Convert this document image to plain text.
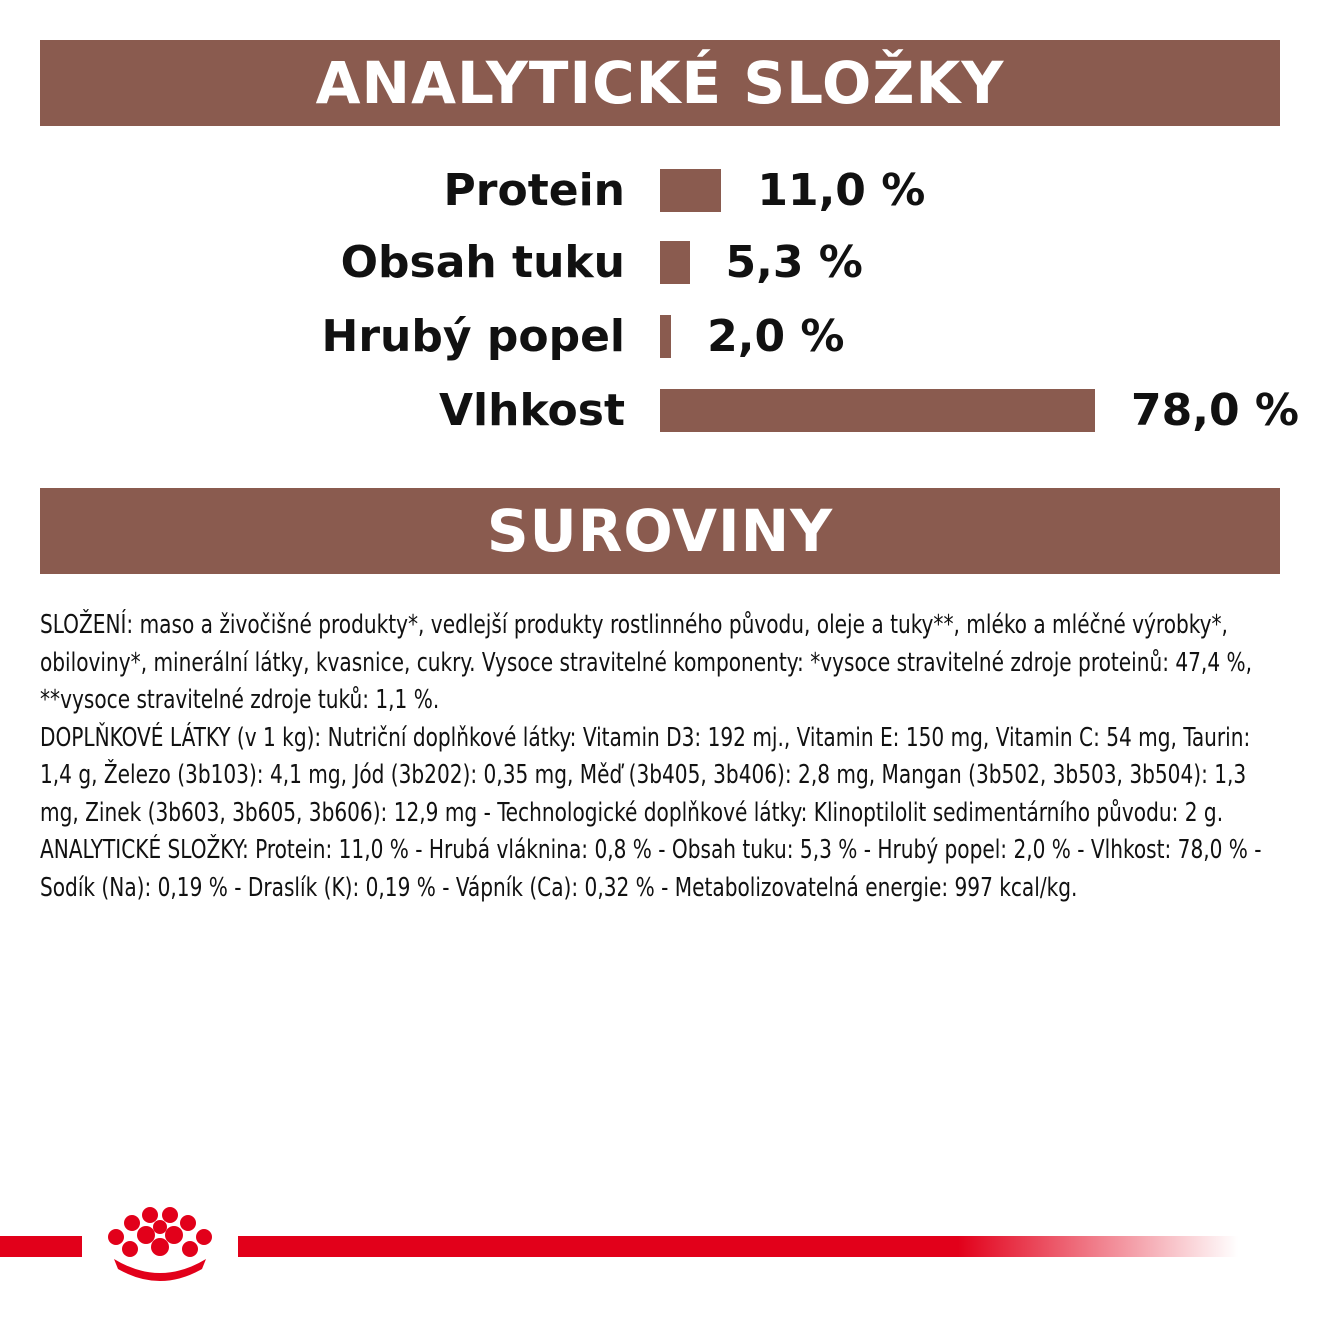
ANALYTICKÉ SLOŽKY
Protein	11,0 %
Obsah tuku 5,3 %
Hrubý popel 2,0 %
Vlhkost	78,0 %
SUROVINY

SLOŽENÍ: maso a živočišné produkty*, vedlejší produkty rostlinného původu, oleje a tuky**, mléko a mléčné výrobky*, obiloviny*, minerální látky, kvasnice, cukry. Vysoce stravitelné komponenty: *vysoce stravitelné zdroje proteinů: 47,4 %, **vysoce stravitelné zdroje tuků: 1,1 %.

DOPLŇKOVÉ LÁTKY (v 1 kg): Nutriční doplňkové látky: Vitamin D3: 192 mj., Vitamin E: 150 mg, Vitamin C: 54 mg, Taurin: 1,4 g, Železo (3b103): 4,1 mg, Jód (3b202): 0,35 mg, Měď (3b405, 3b406): 2,8 mg, Mangan (3b502, 3b503, 3b504): 1,3 mg, Zinek (3b603, 3b605, 3b606): 12,9 mg - Technologické doplňkové látky: Klinoptilolit sedimentárního původu: 2 g.

ANALYTICKÉ SLOŽKY: Protein: 11,0 % - Hrubá vláknina: 0,8 % - Obsah tuku: 5,3 % - Hrubý popel: 2,0 % - Vlhkost: 78,0 % - Sodík (Na): 0,19 % - Draslík (K): 0,19 % - Vápník (Ca): 0,32 % - Metabolizovatelná energie: 997 kcal/kg.
